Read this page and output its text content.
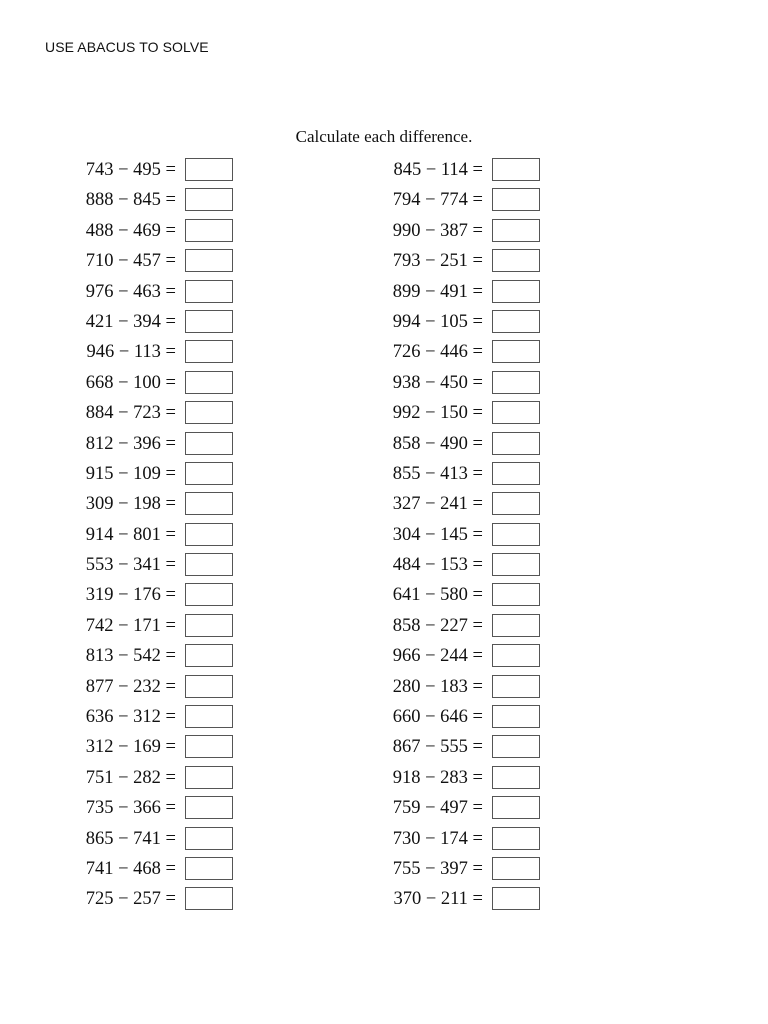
USE ABACUS TO SOLVE
Calculate each difference.
743 − 495 =
888 − 845 =
488 − 469 =
710 − 457 =
976 − 463 =
421 − 394 =
946 − 113 =
668 − 100 =
884 − 723 =
812 − 396 =
915 − 109 =
309 − 198 =
914 − 801 =
553 − 341 =
319 − 176 =
742 − 171 =
813 − 542 =
877 − 232 =
636 − 312 =
312 − 169 =
751 − 282 =
735 − 366 =
865 − 741 =
741 − 468 =
725 − 257 =
845 − 114 =
794 − 774 =
990 − 387 =
793 − 251 =
899 − 491 =
994 − 105 =
726 − 446 =
938 − 450 =
992 − 150 =
858 − 490 =
855 − 413 =
327 − 241 =
304 − 145 =
484 − 153 =
641 − 580 =
858 − 227 =
966 − 244 =
280 − 183 =
660 − 646 =
867 − 555 =
918 − 283 =
759 − 497 =
730 − 174 =
755 − 397 =
370 − 211 =
